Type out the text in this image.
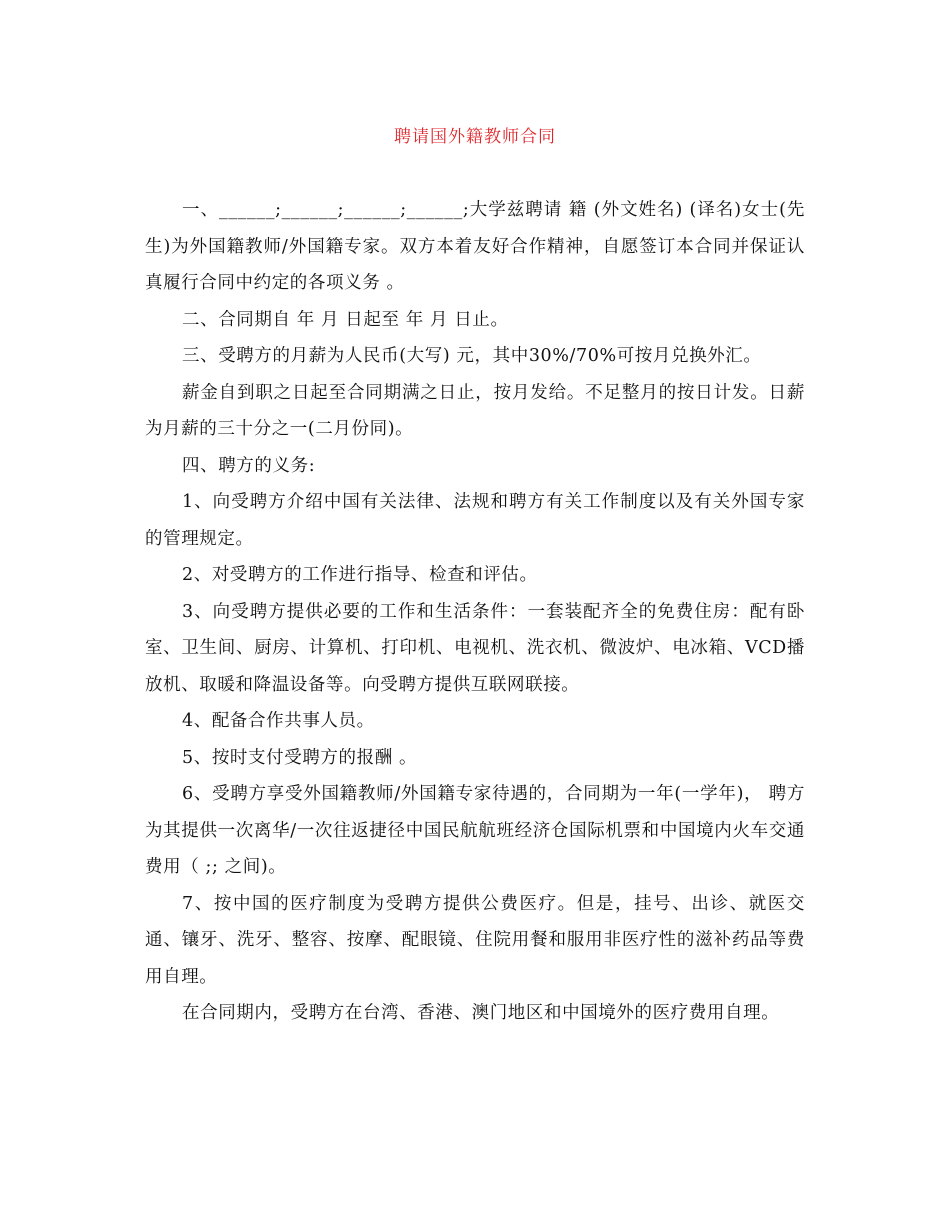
聘请国外籍教师合同

一、______;______;______;______;大学兹聘请 籍 (外文姓名) (译名)女士(先生)为外国籍教师/外国籍专家。双方本着友好合作精神，自愿签订本合同并保证认真履行合同中约定的各项义务 。

二、合同期自 年 月 日起至 年 月 日止。

三、受聘方的月薪为人民币(大写) 元，其中30%/70%可按月兑换外汇。

薪金自到职之日起至合同期满之日止，按月发给。不足整月的按日计发。日薪为月薪的三十分之一(二月份同)。

四、聘方的义务:

1、向受聘方介绍中国有关法律、法规和聘方有关工作制度以及有关外国专家的管理规定。

2、对受聘方的工作进行指导、检查和评估。

3、向受聘方提供必要的工作和生活条件：一套装配齐全的免费住房：配有卧室、卫生间、厨房、计算机、打印机、电视机、洗衣机、微波炉、电冰箱、VCD播放机、取暖和降温设备等。向受聘方提供互联网联接。

4、配备合作共事人员。

5、按时支付受聘方的报酬 。

6、受聘方享受外国籍教师/外国籍专家待遇的，合同期为一年(一学年)， 聘方为其提供一次离华/一次往返捷径中国民航航班经济仓国际机票和中国境内火车交通费用（ ;; 之间)。

7、按中国的医疗制度为受聘方提供公费医疗。但是，挂号、出诊、就医交通、镶牙、洗牙、整容、按摩、配眼镜、住院用餐和服用非医疗性的滋补药品等费用自理。

在合同期内，受聘方在台湾、香港、澳门地区和中国境外的医疗费用自理。
